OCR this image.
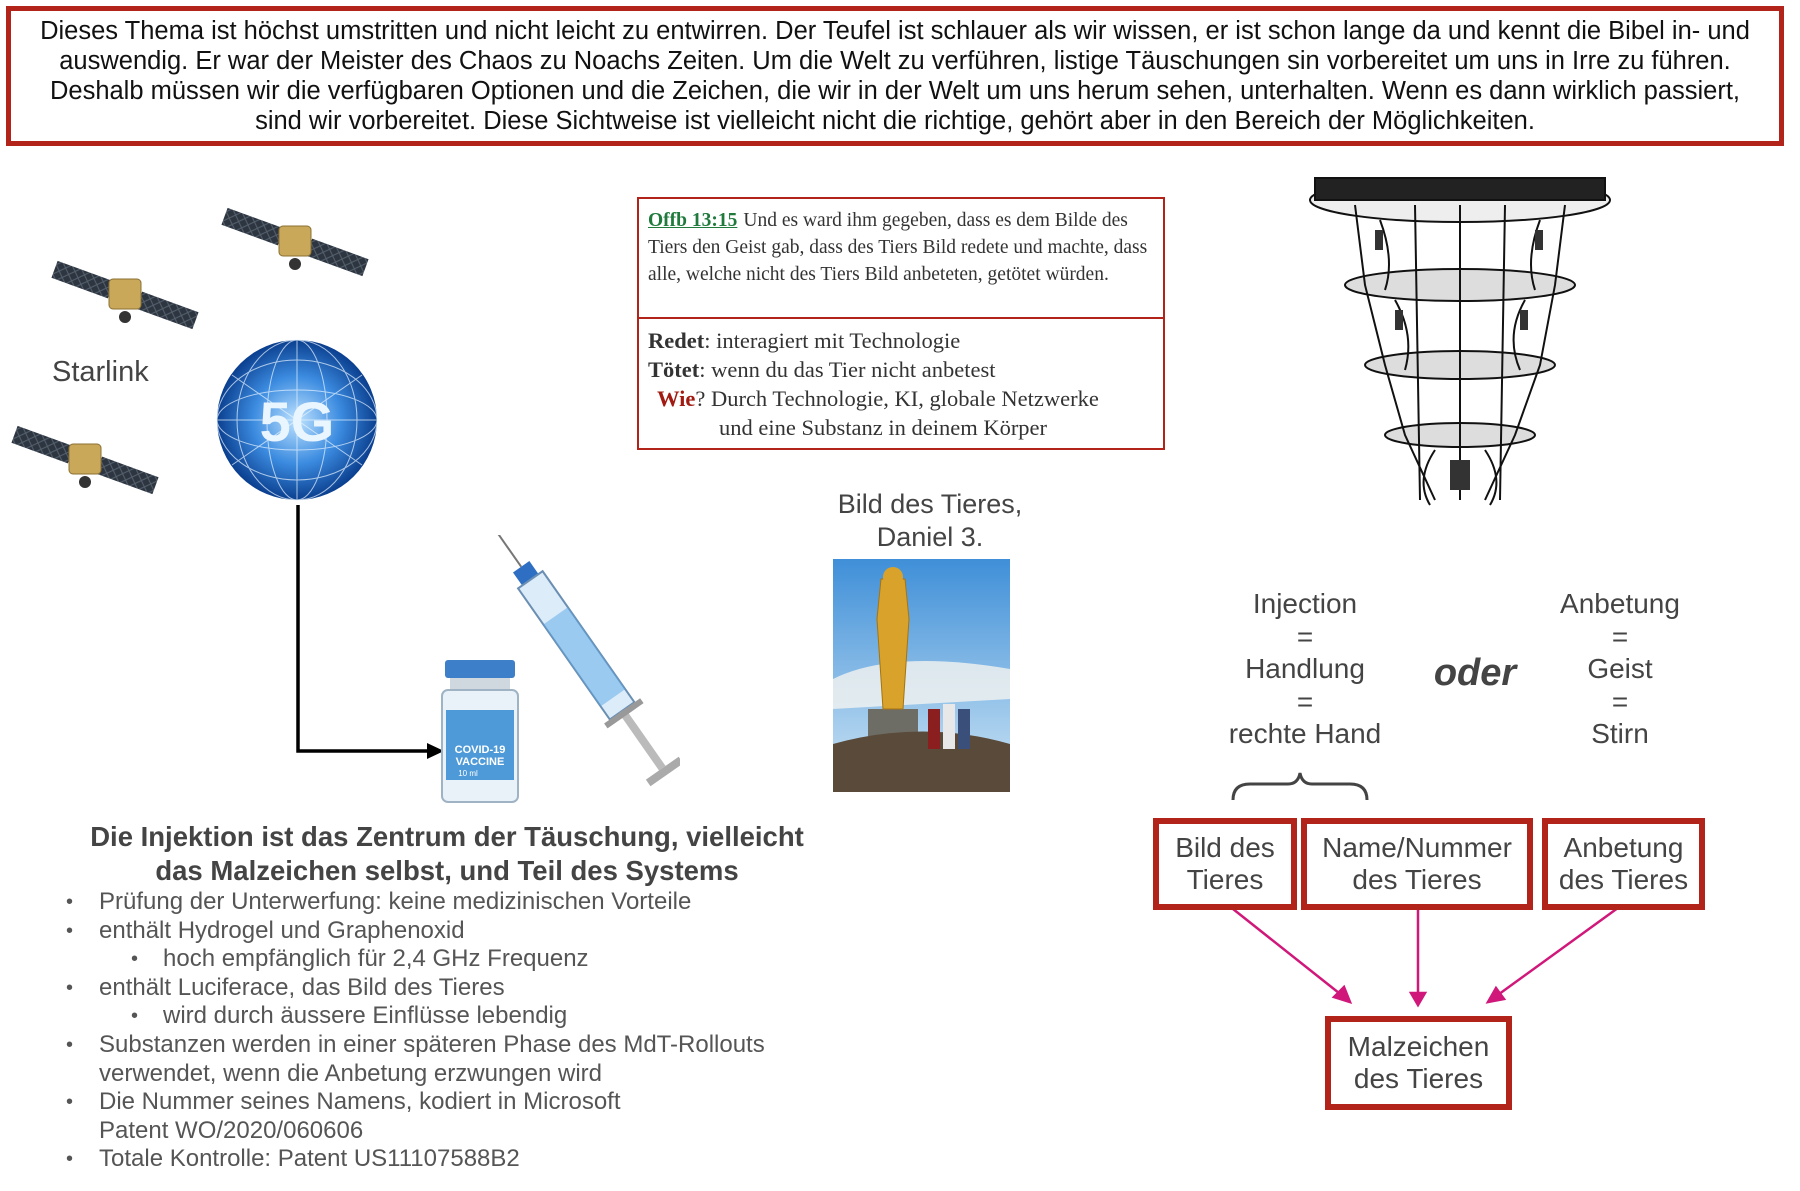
Dieses Thema ist höchst umstritten und nicht leicht zu entwirren. Der Teufel ist schlauer als wir wissen, er ist schon lange da und kennt die Bibel in- und auswendig. Er war der Meister des Chaos zu Noachs Zeiten. Um die Welt zu verführen, listige Täuschungen sin vorbereitet um uns in Irre zu führen. Deshalb müssen wir die verfügbaren Optionen und die Zeichen, die wir in der Welt um uns herum sehen, unterhalten. Wenn es dann wirklich passiert, sind wir vorbereitet. Diese Sichtweise ist vielleicht nicht die richtige, gehört aber in den Bereich der Möglichkeiten.
Starlink
5G
COVID-19
VACCINE
10 ml
Offb 13:15 Und es ward ihm gegeben, dass es dem Bilde des Tiers den Geist gab, dass des Tiers Bild redete und machte, dass alle, welche nicht des Tiers Bild anbeteten, getötet würden.
Redet: interagiert mit Technologie
Tötet: wenn du das Tier nicht anbetest
Wie? Durch Technologie, KI, globale Netzwerke
und eine Substanz in deinem Körper
Bild des Tieres,
Daniel 3.
Injection
=
Handlung
=
rechte Hand
oder
Anbetung
=
Geist
=
Stirn
Bild des
Tieres
Name/Nummer
des Tieres
Anbetung
des Tieres
Malzeichen
des Tieres
Die Injektion ist das Zentrum der Täuschung, vielleicht
das Malzeichen selbst, und Teil des Systems
• Prüfung der Unterwerfung: keine medizinischen Vorteile
• enthält Hydrogel und Graphenoxid
• hoch empfänglich für 2,4 GHz Frequenz
• enthält Luciferace, das Bild des Tieres
• wird durch äussere Einflüsse lebendig
• Substanzen werden in einer späteren Phase des MdT-Rollouts
verwendet, wenn die Anbetung erzwungen wird
• Die Nummer seines Namens, kodiert in Microsoft
Patent WO/2020/060606
• Totale Kontrolle: Patent US11107588B2
